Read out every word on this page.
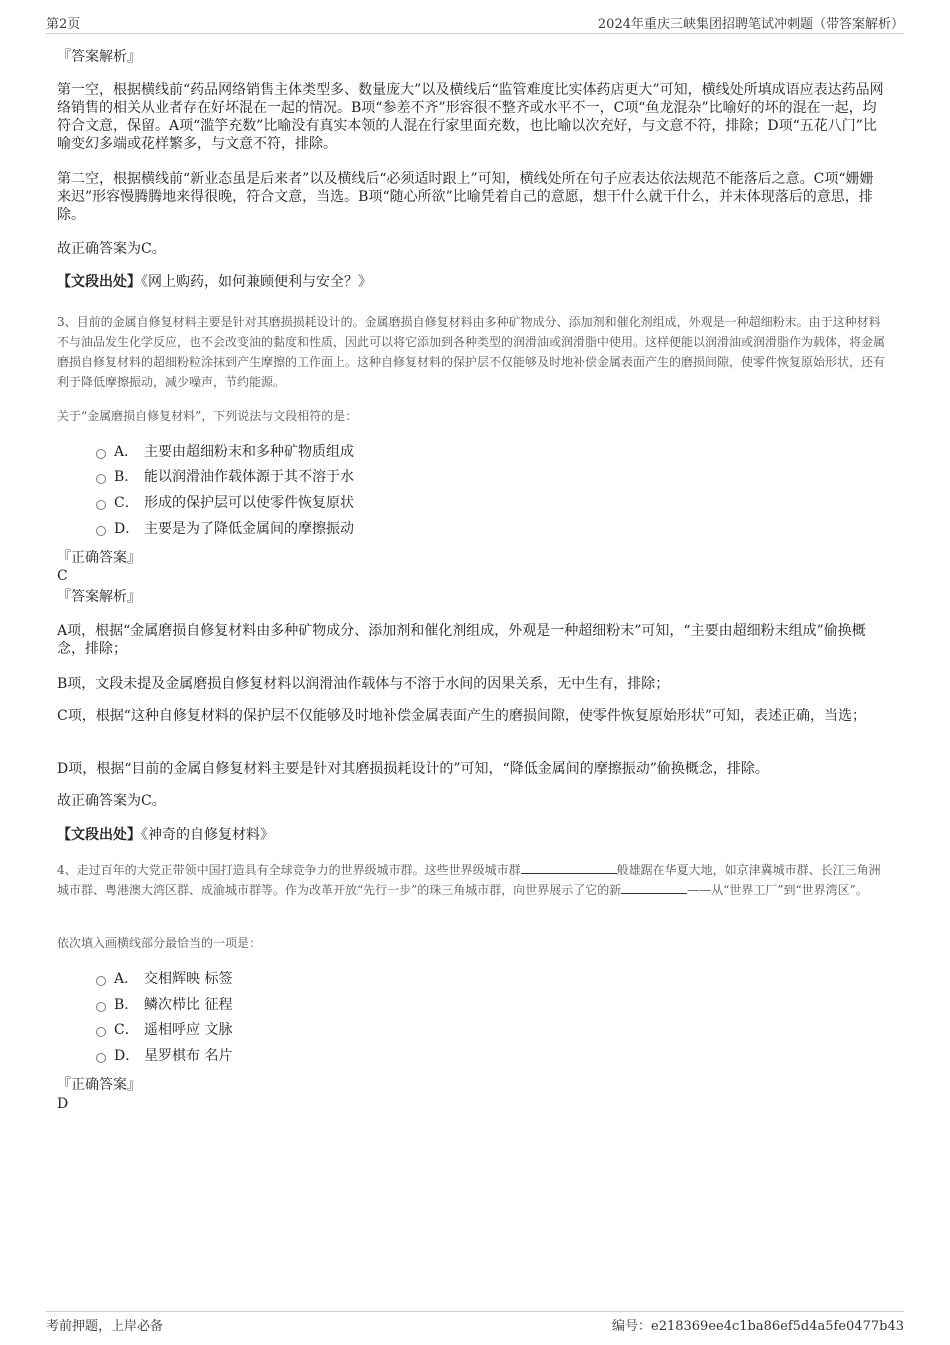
第2页	2024年重庆三峡集团招聘笔试冲刺题（带答案解析）
『答案解析』
第一空，根据横线前“药品网络销售主体类型多、数量庞大”以及横线后“监管难度比实体药店更大”可知，横线处所填成语应表达药品网络销售的相关从业者存在好坏混在一起的情况。B项“参差不齐”形容很不整齐或水平不一，C项“鱼龙混杂”比喻好的坏的混在一起，均符合文意，保留。A项“滥竽充数”比喻没有真实本领的人混在行家里面充数，也比喻以次充好，与文意不符，排除；D项“五花八门”比喻变幻多端或花样繁多，与文意不符，排除。
第二空，根据横线前“新业态虽是后来者”以及横线后“必须适时跟上”可知，横线处所在句子应表达依法规范不能落后之意。C项“姗姗来迟”形容慢腾腾地来得很晚，符合文意，当选。B项“随心所欲”比喻凭着自己的意愿，想干什么就干什么，并未体现落后的意思，排除。
故正确答案为C。
【文段出处】《网上购药，如何兼顾便利与安全？》
3、目前的金属自修复材料主要是针对其磨损损耗设计的。金属磨损自修复材料由多种矿物成分、添加剂和催化剂组成，外观是一种超细粉末。由于这种材料不与油品发生化学反应，也不会改变油的黏度和性质，因此可以将它添加到各种类型的润滑油或润滑脂中使用。这样便能以润滑油或润滑脂作为载体，将金属磨损自修复材料的超细粉粒涂抹到产生摩擦的工作面上。这种自修复材料的保护层不仅能够及时地补偿金属表面产生的磨损间隙，使零件恢复原始形状，还有利于降低摩擦振动，减少噪声，节约能源。
关于“金属磨损自修复材料”，下列说法与文段相符的是：
A． 主要由超细粉末和多种矿物质组成
B． 能以润滑油作载体源于其不溶于水
C． 形成的保护层可以使零件恢复原状
D． 主要是为了降低金属间的摩擦振动
『正确答案』
C
『答案解析』
A项，根据“金属磨损自修复材料由多种矿物成分、添加剂和催化剂组成，外观是一种超细粉末”可知，“主要由超细粉末组成”偷换概念，排除；
B项，文段未提及金属磨损自修复材料以润滑油作载体与不溶于水间的因果关系，无中生有，排除；
C项，根据“这种自修复材料的保护层不仅能够及时地补偿金属表面产生的磨损间隙，使零件恢复原始形状”可知，表述正确，当选；
D项，根据“目前的金属自修复材料主要是针对其磨损损耗设计的”可知，“降低金属间的摩擦振动”偷换概念，排除。
故正确答案为C。
【文段出处】《神奇的自修复材料》
4、走过百年的大党正带领中国打造具有全球竞争力的世界级城市群。这些世界级城市群	般雄踞在华夏大地，如京津冀城市群、长江三角洲城市群、粤港澳大湾区群、成渝城市群等。作为改革开放“先行一步”的珠三角城市群，向世界展示了它的新	——从“世界工厂”到“世界湾区”。
依次填入画横线部分最恰当的一项是：
A． 交相辉映 标签
B． 鳞次栉比 征程
C． 遥相呼应 文脉
D． 星罗棋布 名片
『正确答案』
D
考前押题，上岸必备	编号：e218369ee4c1ba86ef5d4a5fe0477b43
